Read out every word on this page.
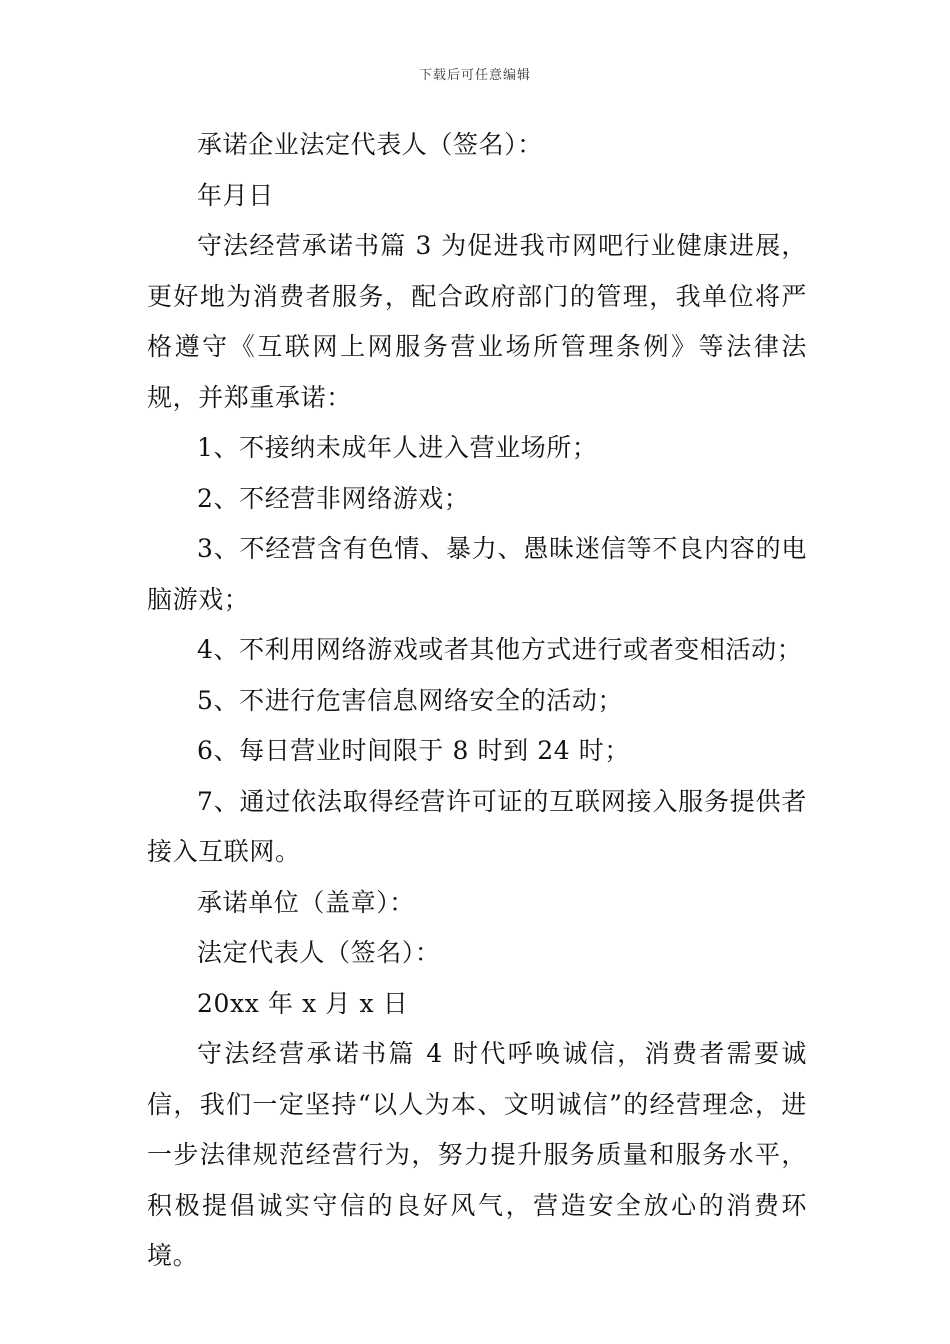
下载后可任意编辑

承诺企业法定代表人（签名）：

年月日

守法经营承诺书篇 3 为促进我市网吧行业健康进展，更好地为消费者服务，配合政府部门的管理，我单位将严格遵守《互联网上网服务营业场所管理条例》等法律法规，并郑重承诺：

1、不接纳未成年人进入营业场所；

2、不经营非网络游戏；

3、不经营含有色情、暴力、愚昧迷信等不良内容的电脑游戏；

4、不利用网络游戏或者其他方式进行或者变相活动；

5、不进行危害信息网络安全的活动；

6、每日营业时间限于 8 时到 24 时；

7、通过依法取得经营许可证的互联网接入服务提供者接入互联网。

承诺单位（盖章）：

法定代表人（签名）：

20xx 年 x 月 x 日

守法经营承诺书篇 4 时代呼唤诚信，消费者需要诚信，我们一定坚持“以人为本、文明诚信”的经营理念，进一步法律规范经营行为，努力提升服务质量和服务水平，积极提倡诚实守信的良好风气，营造安全放心的消费环境。
